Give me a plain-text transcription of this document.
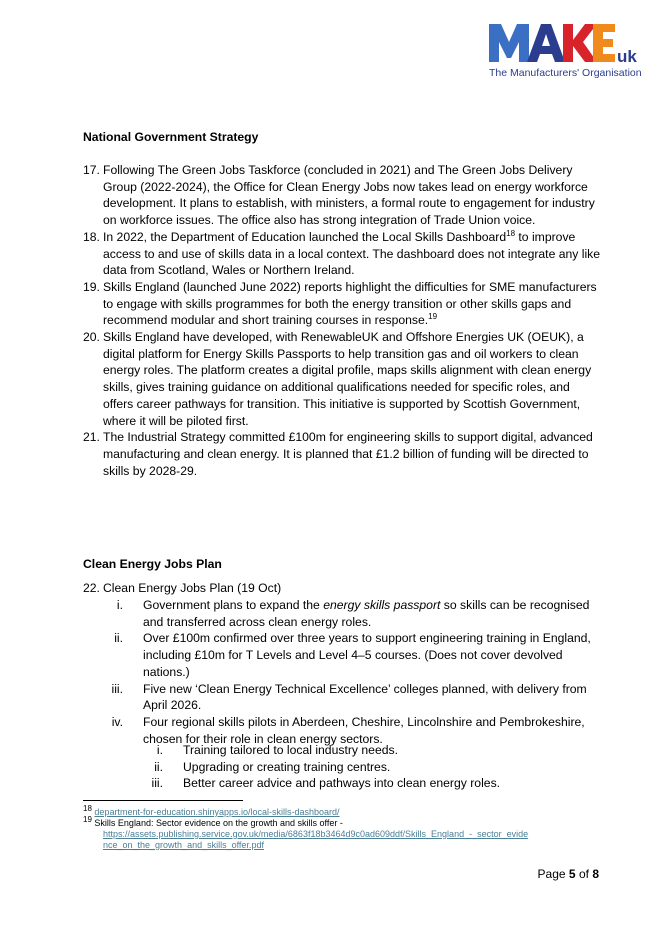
uk
The Manufacturers' Organisation
National Government Strategy
17. Following The Green Jobs Taskforce (concluded in 2021) and The Green Jobs Delivery Group (2022-2024), the Office for Clean Energy Jobs now takes lead on energy workforce development. It plans to establish, with ministers, a formal route to engagement for industry on workforce issues. The office also has strong integration of Trade Union voice.
18. In 2022, the Department of Education launched the Local Skills Dashboard$^{18}$ to improve access to and use of skills data in a local context. The dashboard does not integrate any like data from Scotland, Wales or Northern Ireland.
19. Skills England (launched June 2022) reports highlight the difficulties for SME manufacturers to engage with skills programmes for both the energy transition or other skills gaps and recommend modular and short training courses in response.$^{19}$
20. Skills England have developed, with RenewableUK and Offshore Energies UK (OEUK), a digital platform for Energy Skills Passports to help transition gas and oil workers to clean energy roles. The platform creates a digital profile, maps skills alignment with clean energy skills, gives training guidance on additional qualifications needed for specific roles, and offers career pathways for transition. This initiative is supported by Scottish Government, where it will be piloted first.
21. The Industrial Strategy committed £100m for engineering skills to support digital, advanced manufacturing and clean energy. It is planned that £1.2 billion of funding will be directed to skills by 2028-29.
Clean Energy Jobs Plan
22. Clean Energy Jobs Plan (19 Oct)
i. Government plans to expand the energy skills passport so skills can be recognised and transferred across clean energy roles.
ii. Over £100m confirmed over three years to support engineering training in England, including £10m for T Levels and Level 4–5 courses. (Does not cover devolved nations.)
iii. Five new ‘Clean Energy Technical Excellence’ colleges planned, with delivery from April 2026.
iv. Four regional skills pilots in Aberdeen, Cheshire, Lincolnshire and Pembrokeshire, chosen for their role in clean energy sectors.
i. Training tailored to local industry needs.
ii. Upgrading or creating training centres.
iii. Better career advice and pathways into clean energy roles.
$^{18}$ department-for-education.shinyapps.io/local-skills-dashboard/
$^{19}$ Skills England: Sector evidence on the growth and skills offer -
https://assets.publishing.service.gov.uk/media/6863f18b3464d9c0ad609ddf/Skills_England_-_sector_evidence_on_the_growth_and_skills_offer.pdf
Page 5 of 8
